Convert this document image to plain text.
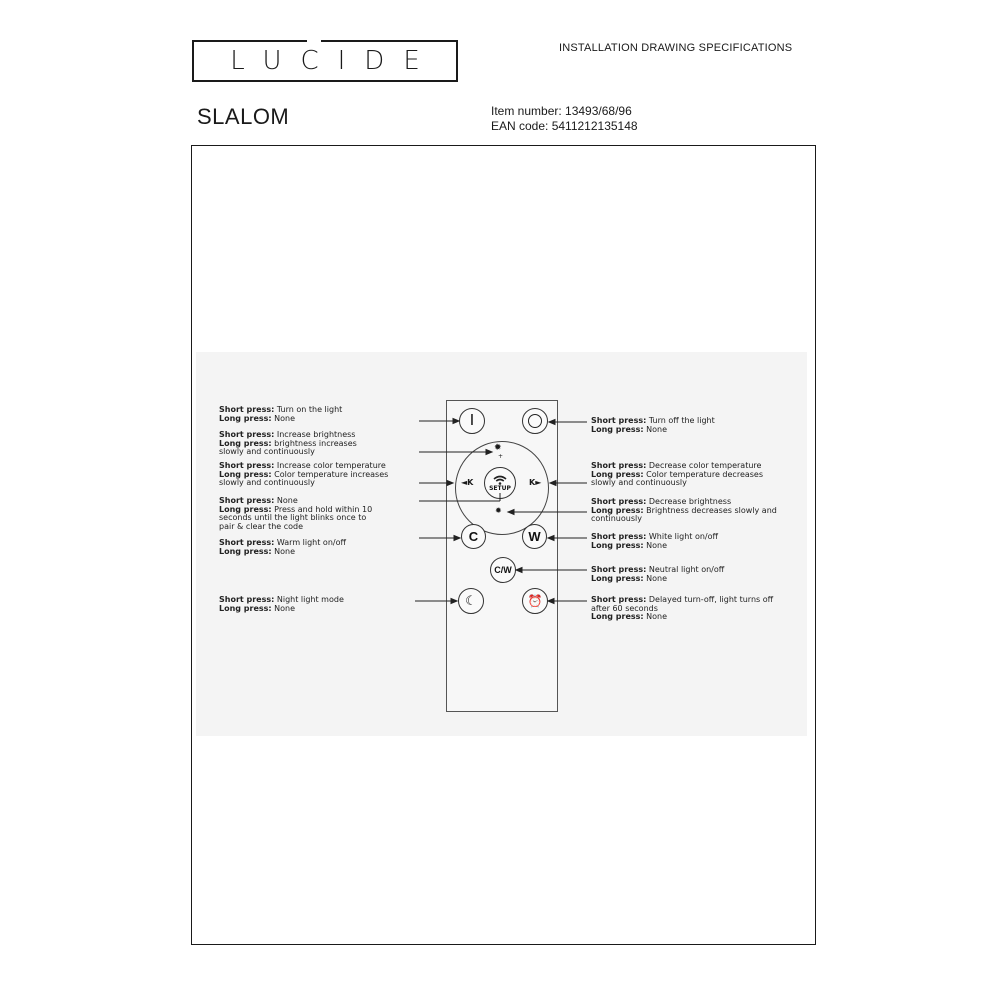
LUCIDE	INSTALLATION DRAWING SPECIFICATIONS
SLALOM	Item number: 13493/68/96
EAN code: 5411212135148
I
✹
+
◄K	K►
SETUP
✹
C	W
C/W
☾	⏰
Short press: Turn on the light
Long press: None
Short press: Increase brightness
Long press: brightness increases
slowly and continuously
Short press: Increase color temperature
Long press: Color temperature increases
slowly and continuously
Short press: None
Long press: Press and hold within 10
seconds until the light blinks once to
pair & clear the code
Short press: Warm light on/off
Long press: None
Short press: Night light mode
Long press: None
Short press: Turn off the light
Long press: None
Short press: Decrease color temperature
Long press: Color temperature decreases
slowly and continuously
Short press: Decrease brightness
Long press: Brightness decreases slowly and
continuously
Short press: White light on/off
Long press: None
Short press: Neutral light on/off
Long press: None
Short press: Delayed turn-off, light turns off
after 60 seconds
Long press: None
